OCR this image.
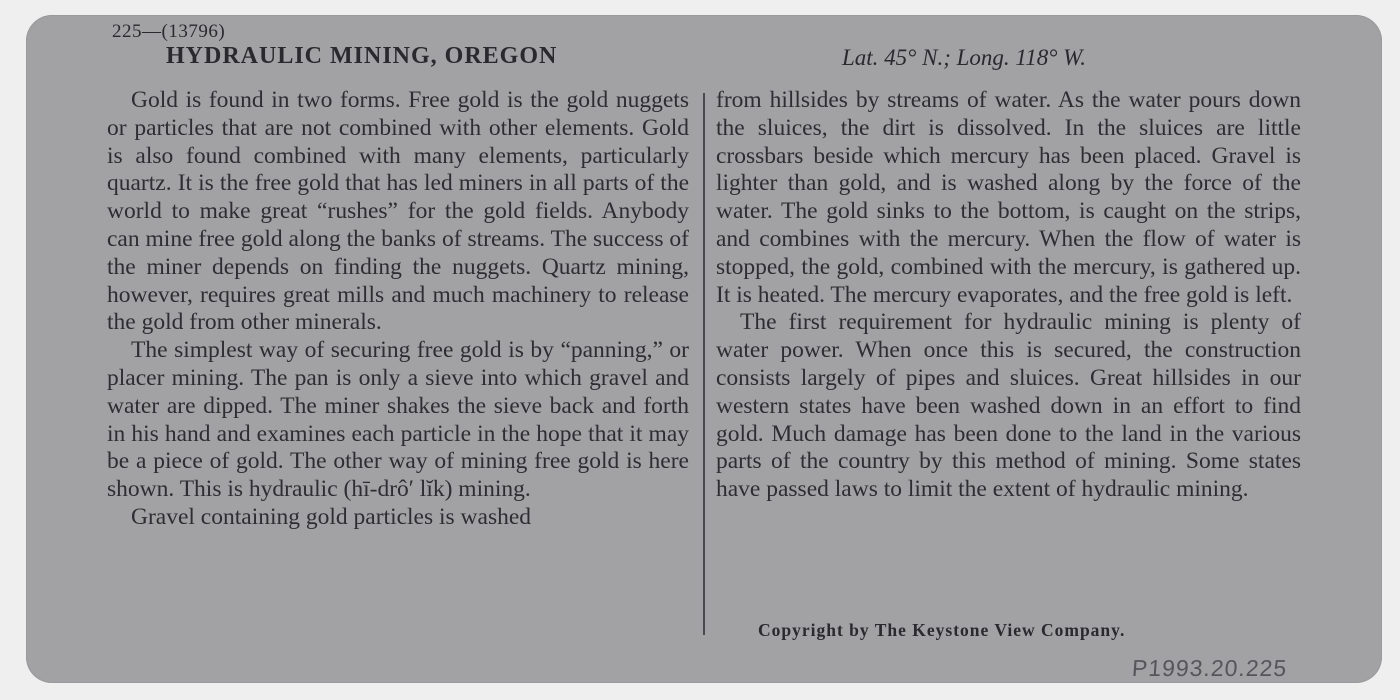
225—(13796)
HYDRAULIC MINING, OREGON	Lat. 45° N.; Long. 118° W.

Gold is found in two forms. Free gold is the gold nuggets or particles that are not combined with other elements. Gold is also found combined with many elements, particularly quartz. It is the free gold that has led miners in all parts of the world to make great “rushes” for the gold fields. Anybody can mine free gold along the banks of streams. The success of the miner depends on finding the nuggets. Quartz mining, however, requires great mills and much machinery to release the gold from other minerals.

The simplest way of securing free gold is by “panning,” or placer mining. The pan is only a sieve into which gravel and water are dipped. The miner shakes the sieve back and forth in his hand and examines each particle in the hope that it may be a piece of gold. The other way of mining free gold is here shown. This is hydraulic (hī-drô′ lĭk) mining.

Gravel containing gold particles is washed

from hillsides by streams of water. As the water pours down the sluices, the dirt is dissolved. In the sluices are little crossbars beside which mercury has been placed. Gravel is lighter than gold, and is washed along by the force of the water. The gold sinks to the bottom, is caught on the strips, and combines with the mercury. When the flow of water is stopped, the gold, combined with the mercury, is gathered up. It is heated. The mercury evaporates, and the free gold is left.

The first requirement for hydraulic mining is plenty of water power. When once this is secured, the construction consists largely of pipes and sluices. Great hillsides in our western states have been washed down in an effort to find gold. Much damage has been done to the land in the various parts of the country by this method of mining. Some states have passed laws to limit the extent of hydraulic mining.

Copyright by The Keystone View Company.
P1993.20.225
